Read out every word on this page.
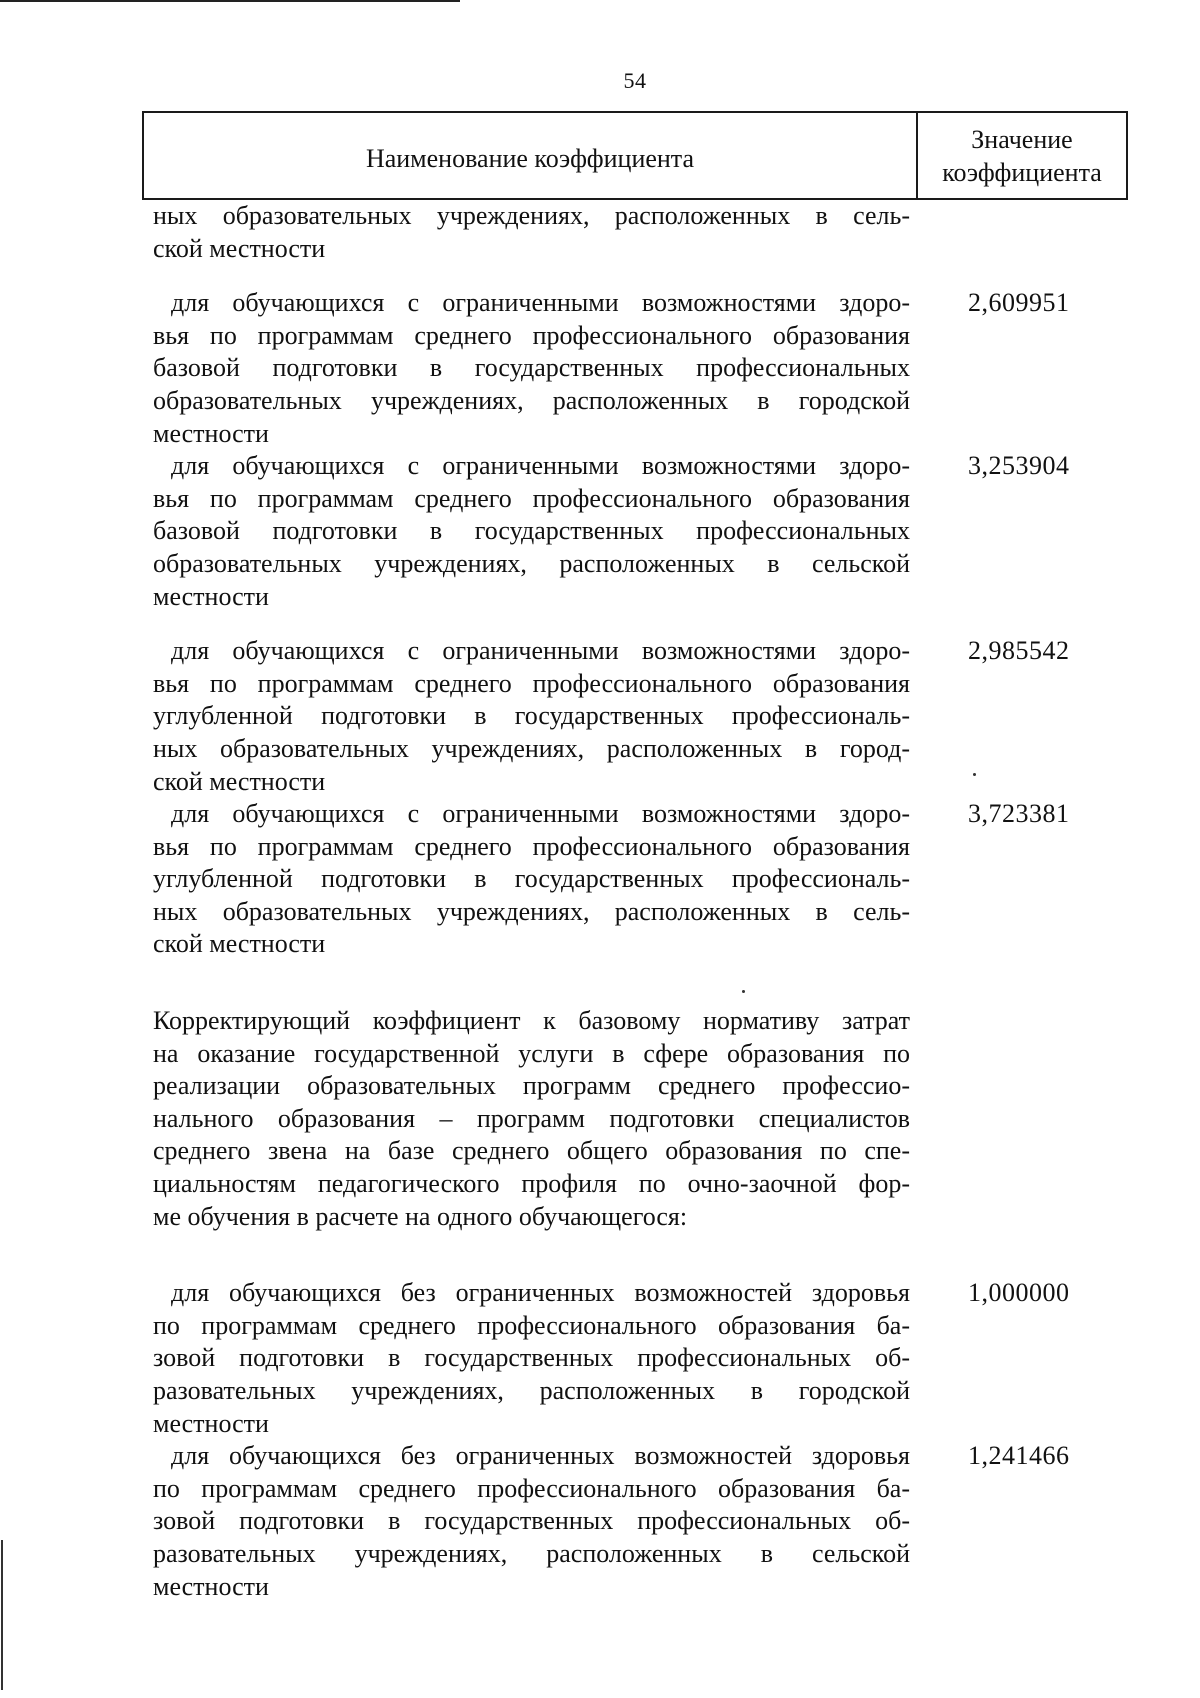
54
Наименование коэффициента
Значение
коэффициента
ных образовательных учреждениях, расположенных в сель-
ской местности
для обучающихся с ограниченными возможностями здоро-
вья по программам среднего профессионального образования
базовой подготовки в государственных профессиональных
образовательных учреждениях, расположенных в городской
местности
2,609951
для обучающихся с ограниченными возможностями здоро-
вья по программам среднего профессионального образования
базовой подготовки в государственных профессиональных
образовательных учреждениях, расположенных в сельской
местности
3,253904
для обучающихся с ограниченными возможностями здоро-
вья по программам среднего профессионального образования
углубленной подготовки в государственных профессиональ-
ных образовательных учреждениях, расположенных в город-
ской местности
2,985542
для обучающихся с ограниченными возможностями здоро-
вья по программам среднего профессионального образования
углубленной подготовки в государственных профессиональ-
ных образовательных учреждениях, расположенных в сель-
ской местности
3,723381
Корректирующий коэффициент к базовому нормативу затрат
на оказание государственной услуги в сфере образования по
реализации образовательных программ среднего профессио-
нального образования – программ подготовки специалистов
среднего звена на базе среднего общего образования по спе-
циальностям педагогического профиля по очно-заочной фор-
ме обучения в расчете на одного обучающегося:
для обучающихся без ограниченных возможностей здоровья
по программам среднего профессионального образования ба-
зовой подготовки в государственных профессиональных об-
разовательных учреждениях, расположенных в городской
местности
1,000000
для обучающихся без ограниченных возможностей здоровья
по программам среднего профессионального образования ба-
зовой подготовки в государственных профессиональных об-
разовательных учреждениях, расположенных в сельской
местности
1,241466
